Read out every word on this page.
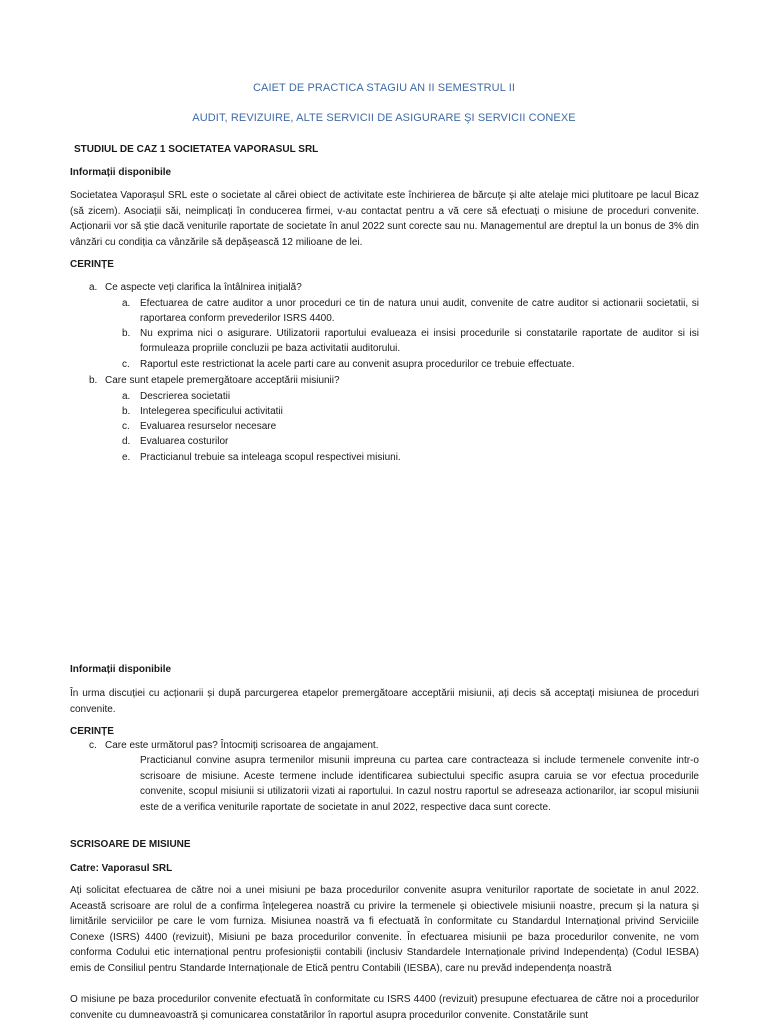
CAIET DE PRACTICA STAGIU AN II SEMESTRUL II
AUDIT, REVIZUIRE, ALTE SERVICII DE ASIGURARE ŞI SERVICII CONEXE
STUDIUL DE CAZ 1 SOCIETATEA VAPORASUL SRL
Informații disponibile

Societatea Vaporașul SRL este o societate al cărei obiect de activitate este închirierea de bărcuțe și alte atelaje mici plutitoare pe lacul Bicaz (să zicem). Asociații săi, neimplicați în conducerea firmei, v-au contactat pentru a vă cere să efectuați o misiune de proceduri convenite. Acționarii vor să știe dacă veniturile raportate de societate în anul 2022 sunt corecte sau nu. Managementul are dreptul la un bonus de 3% din vânzări cu condiția ca vânzările să depășească 12 milioane de lei.

CERINȚE
a. Ce aspecte veți clarifica la întâlnirea inițială?
a. Efectuarea de catre auditor a unor proceduri ce tin de natura unui audit, convenite de catre auditor si actionarii societatii, si raportarea conform prevederilor ISRS 4400.
b. Nu exprima nici o asigurare. Utilizatorii raportului evalueaza ei insisi procedurile si constatarile raportate de auditor si isi formuleaza propriile concluzii pe baza activitatii auditorului.
c. Raportul este restrictionat la acele parti care au convenit asupra procedurilor ce trebuie effectuate.
b. Care sunt etapele premergătoare acceptării misiunii?
a. Descrierea societatii
b. Intelegerea specificului activitatii
c. Evaluarea resurselor necesare
d. Evaluarea costurilor
e. Practicianul trebuie sa inteleaga scopul respectivei misiuni.
Informații disponibile

În urma discuției cu acționarii și după parcurgerea etapelor premergătoare acceptării misiunii, ați decis să acceptați misiunea de proceduri convenite.

CERINȚE
c. Care este următorul pas? Întocmiți scrisoarea de angajament.
Practicianul convine asupra termenilor misunii impreuna cu partea care contracteaza si include termenele convenite intr-o scrisoare de misiune. Aceste termene include identificarea subiectului specific asupra caruia se vor efectua procedurile convenite, scopul misiunii si utilizatorii vizati ai raportului. In cazul nostru raportul se adreseaza actionarilor, iar scopul misiunii este de a verifica veniturile raportate de societate in anul 2022, respective daca sunt corecte.
SCRISOARE DE MISIUNE
Catre: Vaporasul SRL

Ați solicitat efectuarea de către noi a unei misiuni pe baza procedurilor convenite asupra veniturilor raportate de societate in anul 2022. Această scrisoare are rolul de a confirma înțelegerea noastră cu privire la termenele și obiectivele misiunii noastre, precum și la natura și limitările serviciilor pe care le vom furniza. Misiunea noastră va fi efectuată în conformitate cu Standardul Internațional privind Serviciile Conexe (ISRS) 4400 (revizuit), Misiuni pe baza procedurilor convenite. În efectuarea misiunii pe baza procedurilor convenite, ne vom conforma Codului etic internațional pentru profesioniștii contabili (inclusiv Standardele Internaționale privind Independența) (Codul IESBA) emis de Consiliul pentru Standarde Internaționale de Etică pentru Contabili (IESBA), care nu prevăd independența noastră

O misiune pe baza procedurilor convenite efectuată în conformitate cu ISRS 4400 (revizuit) presupune efectuarea de către noi a procedurilor convenite cu dumneavoastră și comunicarea constatărilor în raportul asupra procedurilor convenite. Constatările sunt
